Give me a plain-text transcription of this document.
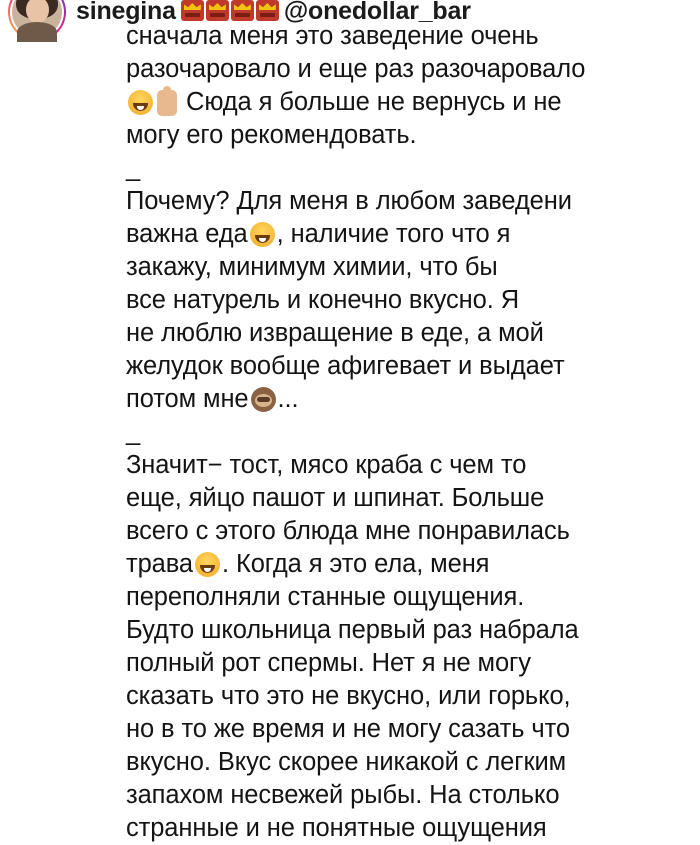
sinegina	@onedollar_bar

сначала меня это заведение очень

разочаровало и еще раз разочаровало

Сюда я больше не вернусь и не

могу его рекомендовать.

_

Почему? Для меня в любом заведени

важна еда , наличие того что я

закажу, минимум химии, что бы

все натурель и конечно вкусно. Я

не люблю извращение в еде, а мой

желудок вообще афигевает и выдает

потом мне ...

_

Значит− тост, мясо краба с чем то

еще, яйцо пашот и шпинат. Больше

всего с этого блюда мне понравилась

трава . Когда я это ела, меня

переполняли станные ощущения.

Будто школьница первый раз набрала

полный рот спермы. Нет я не могу

сказать что это не вкусно, или горько,

но в то же время и не могу сазать что

вкусно. Вкус скорее никакой с легким

запахом несвежей рыбы. На столько

странные и не понятные ощущения
